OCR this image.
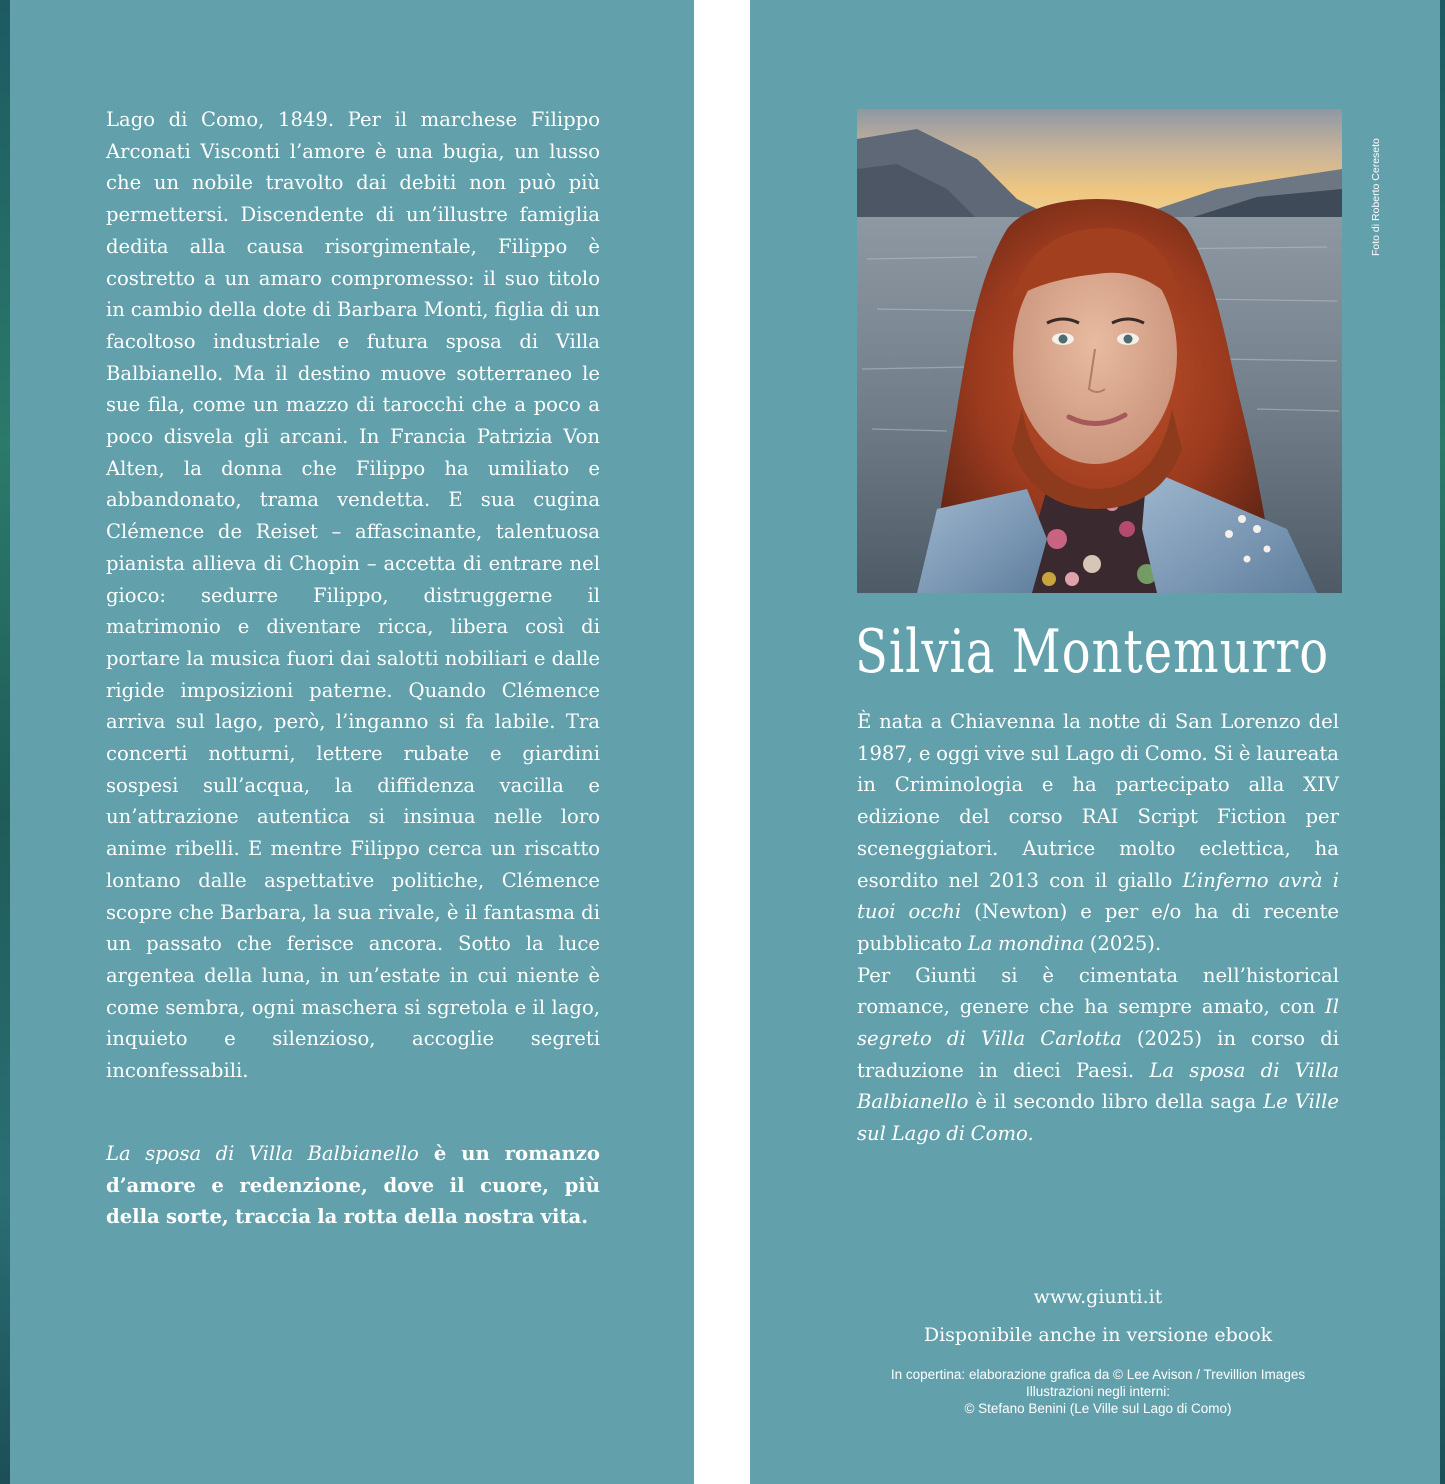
Lago di Como, 1849. Per il marchese Filippo Arconati Visconti l’amore è una bugia, un lusso che un nobile travolto dai debiti non può più permettersi. Discendente di un’illustre famiglia dedita alla causa risorgimentale, Filippo è costretto a un amaro compromesso: il suo titolo in cambio della dote di Barbara Monti, figlia di un facoltoso industriale e futura sposa di Villa Balbianello. Ma il destino muove sotterraneo le sue fila, come un mazzo di tarocchi che a poco a poco disvela gli arcani. In Francia Patrizia Von Alten, la donna che Filippo ha umiliato e abbandonato, trama vendetta. E sua cugina Clémence de Reiset – affascinante, talentuosa pianista allieva di Chopin – accetta di entrare nel gioco: sedurre Filippo, distruggerne il matrimonio e diventare ricca, libera così di portare la musica fuori dai salotti nobiliari e dalle rigide imposizioni paterne. Quando Clémence arriva sul lago, però, l’inganno si fa labile. Tra concerti notturni, lettere rubate e giardini sospesi sull’acqua, la diffidenza vacilla e un’attrazione autentica si insinua nelle loro anime ribelli. E mentre Filippo cerca un riscatto lontano dalle aspettative politiche, Clémence scopre che Barbara, la sua rivale, è il fantasma di un passato che ferisce ancora. Sotto la luce argentea della luna, in un’estate in cui niente è come sembra, ogni maschera si sgretola e il lago, inquieto e silenzioso, accoglie segreti inconfessabili.

La sposa di Villa Balbianello è un romanzo d’amore e redenzione, dove il cuore, più della sorte, traccia la rotta della nostra vita.

Foto di Roberto Cereseto
Silvia Montemurro

È nata a Chiavenna la notte di San Lorenzo del 1987, e oggi vive sul Lago di Como. Si è laureata in Criminologia e ha partecipato alla XIV edizione del corso RAI Script Fiction per sceneggiatori. Autrice molto eclettica, ha esordito nel 2013 con il giallo L’inferno avrà i tuoi occhi (Newton) e per e/o ha di recente pubblicato La mondina (2025).

Per Giunti si è cimentata nell’historical romance, genere che ha sempre amato, con Il segreto di Villa Carlotta (2025) in corso di traduzione in dieci Paesi. La sposa di Villa Balbianello è il secondo libro della saga Le Ville sul Lago di Como.

www.giunti.it
Disponibile anche in versione ebook
In copertina: elaborazione grafica da © Lee Avison / Trevillion Images
Illustrazioni negli interni:
© Stefano Benini (Le Ville sul Lago di Como)
